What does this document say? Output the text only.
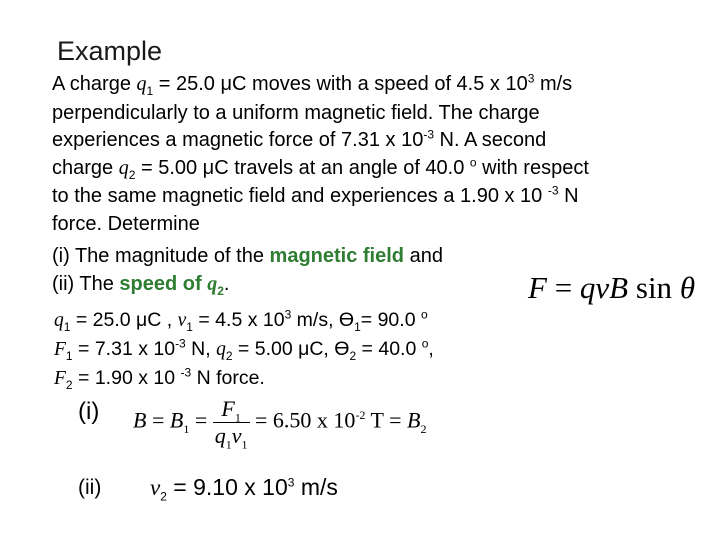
Example
A charge $q_1 = 25.0$ μC moves with a speed of 4.5 x $10^3$ m/s
perpendicularly to a uniform magnetic field. The charge
experiences a magnetic force of 7.31 x $10^{-3}$ N. A second
charge $q_2 = 5.00$ μC travels at an angle of 40.0 $^o$ with respect
to the same magnetic field and experiences a 1.90 x 10 $^{-3}$ N
force. Determine
(i) The magnitude of the magnetic field and
(ii) The speed of $q_2$.	F = qvB sin θ
$q_1 = 25.0$ μC , $v_1 = 4.5$ x $10^3$ m/s, $Ɵ_1= 90.0$ $^o$
$F_1 = 7.31$ x $10^{-3}$ N, $q_2 = 5.00$ μC, $Ɵ_2 = 40.0$ $^o$,
$F_2 = 1.90$ x 10 $^{-3}$ N force.
(i) $B = B_1 = \frac{F_1}{q_1v_1} = 6.50$ x $10^{-2}$ $T = B_2$
(ii) $v_2 = 9.10$ x $10^3$ m/s
